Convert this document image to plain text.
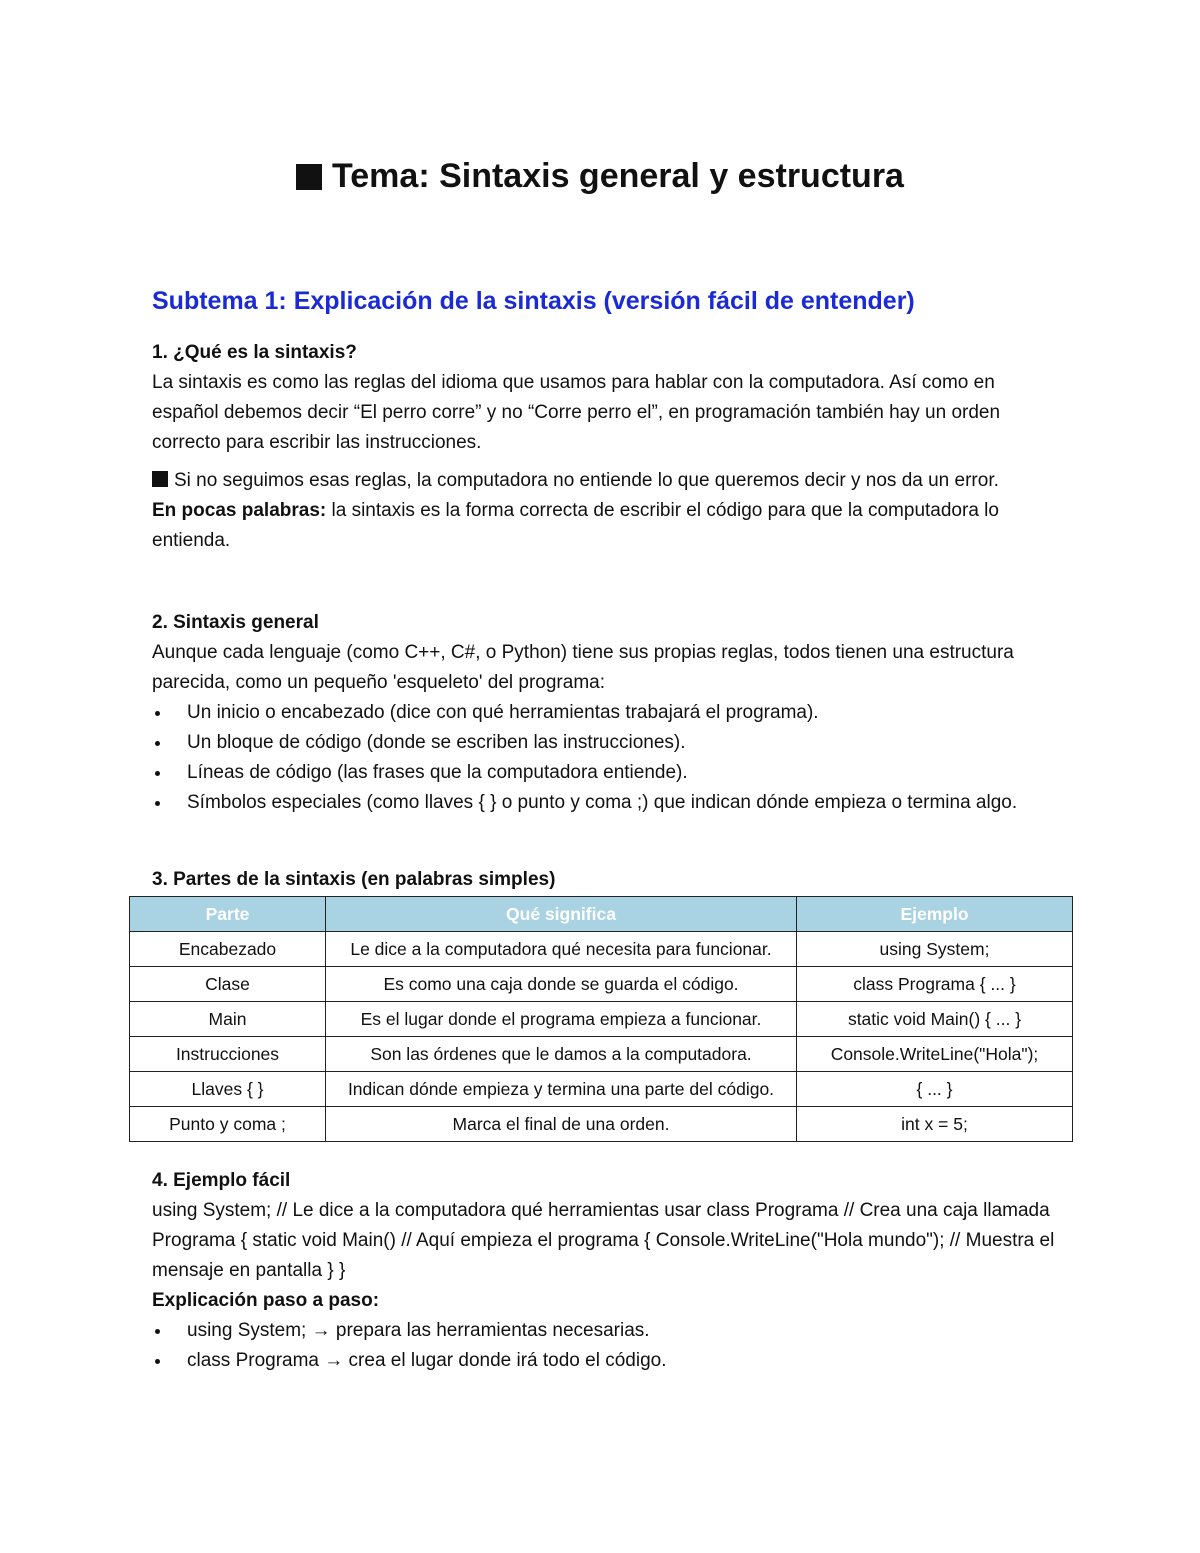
Tema: Sintaxis general y estructura
Subtema 1: Explicación de la sintaxis (versión fácil de entender)

1. ¿Qué es la sintaxis?

La sintaxis es como las reglas del idioma que usamos para hablar con la computadora. Así como en español debemos decir “El perro corre” y no “Corre perro el”, en programación también hay un orden correcto para escribir las instrucciones.

Si no seguimos esas reglas, la computadora no entiende lo que queremos decir y nos da un error.

En pocas palabras: la sintaxis es la forma correcta de escribir el código para que la computadora lo entienda.

2. Sintaxis general

Aunque cada lenguaje (como C++, C#, o Python) tiene sus propias reglas, todos tienen una estructura parecida, como un pequeño 'esqueleto' del programa:

Un inicio o encabezado (dice con qué herramientas trabajará el programa).
Un bloque de código (donde se escriben las instrucciones).
Líneas de código (las frases que la computadora entiende).
Símbolos especiales (como llaves { } o punto y coma ;) que indican dónde empieza o termina algo.

3. Partes de la sintaxis (en palabras simples)

Parte	Qué significa	Ejemplo
Encabezado	Le dice a la computadora qué necesita para funcionar.	using System;
Clase	Es como una caja donde se guarda el código.	class Programa { ... }
Main	Es el lugar donde el programa empieza a funcionar.	static void Main() { ... }
Instrucciones	Son las órdenes que le damos a la computadora.	Console.WriteLine("Hola");
Llaves { }	Indican dónde empieza y termina una parte del código.	{ ... }
Punto y coma ;	Marca el final de una orden.	int x = 5;

4. Ejemplo fácil

using System; // Le dice a la computadora qué herramientas usar class Programa // Crea una caja llamada Programa { static void Main() // Aquí empieza el programa { Console.WriteLine("Hola mundo"); // Muestra el mensaje en pantalla } }

Explicación paso a paso:

using System; → prepara las herramientas necesarias.
class Programa → crea el lugar donde irá todo el código.
